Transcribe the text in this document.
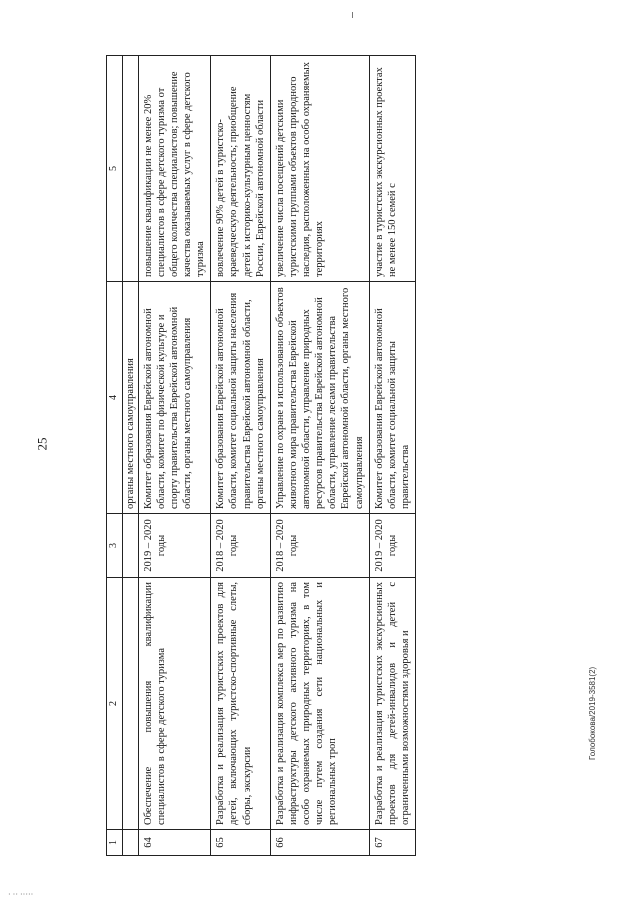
25
1	2	3	4	5
			органы местного самоуправления	
64	Обеспечение повышения квалификации специалистов в сфере детского туризма	2019 – 2020 годы	Комитет образования Еврейской автономной области, комитет по физической культуре и спорту правительства Еврейской автономной области, органы местного самоуправления	повышение квалификации не менее 20% специалистов в сфере детского туризма от общего количества специалистов; повышение качества оказываемых услуг в сфере детского туризма
65	Разработка и реализация туристских проектов для детей, включающих туристско-спортивные слеты, сборы, экскурсии	2018 – 2020 годы	Комитет образования Еврейской автономной области, комитет социальной защиты населения правительства Еврейской автономной области, органы местного самоуправления	вовлечение 90% детей в туристско-краеведческую деятельность; приобщение детей к историко-культурным ценностям России, Еврейской автономной области
66	Разработка и реализация комплекса мер по развитию инфраструктуры детского активного туризма на особо охраняемых природных территориях, в том числе путем создания сети национальных и региональных троп	2018 – 2020 годы	Управление по охране и использованию объектов животного мира правительства Еврейской автономной области, управление природных ресурсов правительства Еврейской автономной области, управление лесами правительства Еврейской автономной области, органы местного самоуправления	увеличение числа посещений детскими туристскими группами объектов природного наследия, расположенных на особо охраняемых территориях
67	Разработка и реализация туристских экскурсионных проектов для детей-инвалидов и детей с ограниченными возможностями здоровья и	2019 – 2020 годы	Комитет образования Еврейской автономной области, комитет социальной защиты правительства	участие в туристских экскурсионных проектах не менее 150 семей с
Голобокова/2019-3581(2)
· ·· ·····
